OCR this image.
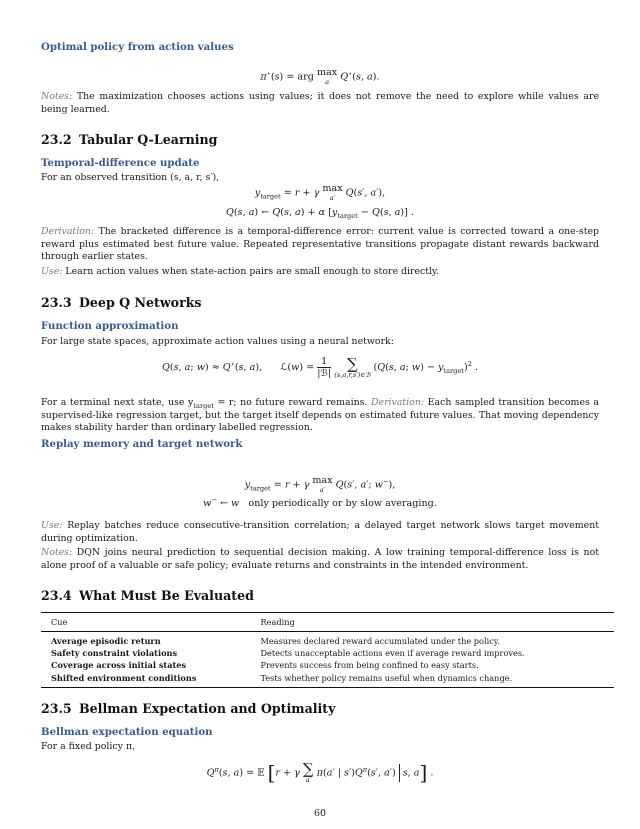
Optimal policy from action values
π⋆(s) = arg max
a	Q⋆(s, a).
Notes: The maximization chooses actions using values; it does not remove the need to explore while values are being learned.
23.2 Tabular Q-Learning
Temporal-difference update
For an observed transition (s, a, r, s′),
$y_{target} = r + \gamma$ max
a′	Q(s′, a′),
Q(s, a) ← Q(s, a) + α [$y_{target} - Q(s$, a)] .
Derivation: The bracketed difference is a temporal-difference error: current value is corrected toward a one-step reward plus estimated best future value. Repeated representative transitions propagate distant rewards backward through earlier states.
Use: Learn action values when state-action pairs are small enough to store directly.
23.3 Deep Q Networks
Function approximation
For large state spaces, approximate action values using a neural network:
Q(s, a; w) ≈ Q⋆(s, a),      ℒ(w) = $\frac{1}{\text{|ℬ|}}$
	∑
(s,a,r,s′)∈ℬ
(Q(s, a; $w) - y_{target})^2$ .
For a terminal next state, use $y_{target} = r$; no future reward remains. Derivation: Each sampled transition becomes a supervised-like regression target, but the target itself depends on estimated future values. That moving dependency makes stability harder than ordinary labelled regression.
Replay memory and target network
$y_{target} = r + \gamma$ max
a′	Q(s′, a′; w−),
w− ← w only periodically or by slow averaging.
Use: Replay batches reduce consecutive-transition correlation; a delayed target network slows target movement during optimization.
Notes: DQN joins neural prediction to sequential decision making. A low training temporal-difference loss is not alone proof of a valuable or safe policy; evaluate returns and constraints in the intended environment.
23.4 What Must Be Evaluated
Cue	Reading
Average episodic return	Measures declared reward accumulated under the policy.
Safety constraint violations	Detects unacceptable actions even if average reward improves.
Coverage across initial states	Prevents success from being confined to easy starts.
Shifted environment conditions	Tests whether policy remains useful when dynamics change.
23.5 Bellman Expectation and Optimality
Bellman expectation equation
For a fixed policy π,
$Q^\pi(s$, a) = 𝔼 [r + γ ∑
a′
π(a′ | $s')Q^\pi(s'$, a′) s, a] .
60
